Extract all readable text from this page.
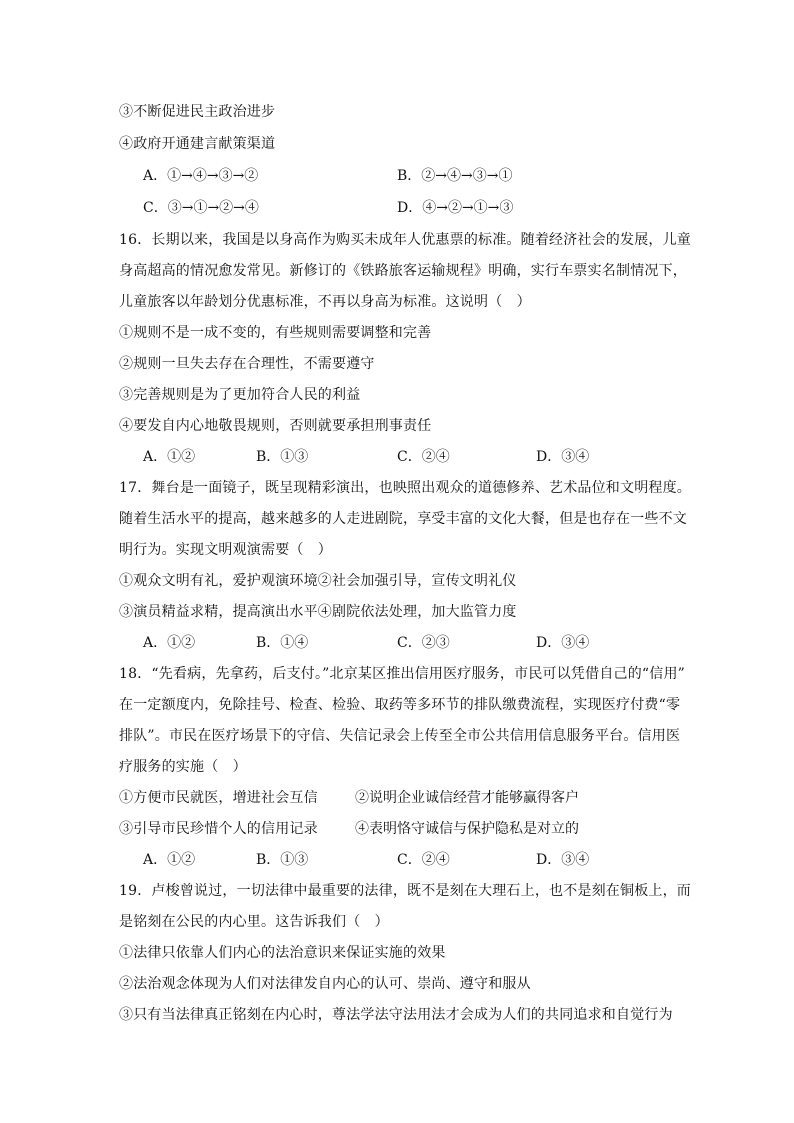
③不断促进民主政治进步
④政府开通建言献策渠道
A．①→④→③→②	B．②→④→③→①
C．③→①→②→④	D．④→②→①→③
16．长期以来，我国是以身高作为购买未成年人优惠票的标准。随着经济社会的发展，儿童
身高超高的情况愈发常见。新修订的《铁路旅客运输规程》明确，实行车票实名制情况下，
儿童旅客以年龄划分优惠标准，不再以身高为标准。这说明（　）
①规则不是一成不变的，有些规则需要调整和完善
②规则一旦失去存在合理性，不需要遵守
③完善规则是为了更加符合人民的利益
④要发自内心地敬畏规则，否则就要承担刑事责任
A．①②	B．①③	C．②④	D．③④
17．舞台是一面镜子，既呈现精彩演出，也映照出观众的道德修养、艺术品位和文明程度。
随着生活水平的提高，越来越多的人走进剧院，享受丰富的文化大餐，但是也存在一些不文
明行为。实现文明观演需要（　）
①观众文明有礼，爱护观演环境②社会加强引导，宣传文明礼仪
③演员精益求精，提高演出水平④剧院依法处理，加大监管力度
A．①②	B．①④	C．②③	D．③④
18．“先看病，先拿药，后支付。”北京某区推出信用医疗服务，市民可以凭借自己的“信用”
在一定额度内，免除挂号、检查、检验、取药等多环节的排队缴费流程，实现医疗付费“零
排队”。市民在医疗场景下的守信、失信记录会上传至全市公共信用信息服务平台。信用医
疗服务的实施（　）
①方便市民就医，增进社会互信	②说明企业诚信经营才能够赢得客户
③引导市民珍惜个人的信用记录	④表明恪守诚信与保护隐私是对立的
A．①②	B．①③	C．②④	D．③④
19．卢梭曾说过，一切法律中最重要的法律，既不是刻在大理石上，也不是刻在铜板上，而
是铭刻在公民的内心里。这告诉我们（　）
①法律只依靠人们内心的法治意识来保证实施的效果
②法治观念体现为人们对法律发自内心的认可、崇尚、遵守和服从
③只有当法律真正铭刻在内心时，尊法学法守法用法才会成为人们的共同追求和自觉行为
